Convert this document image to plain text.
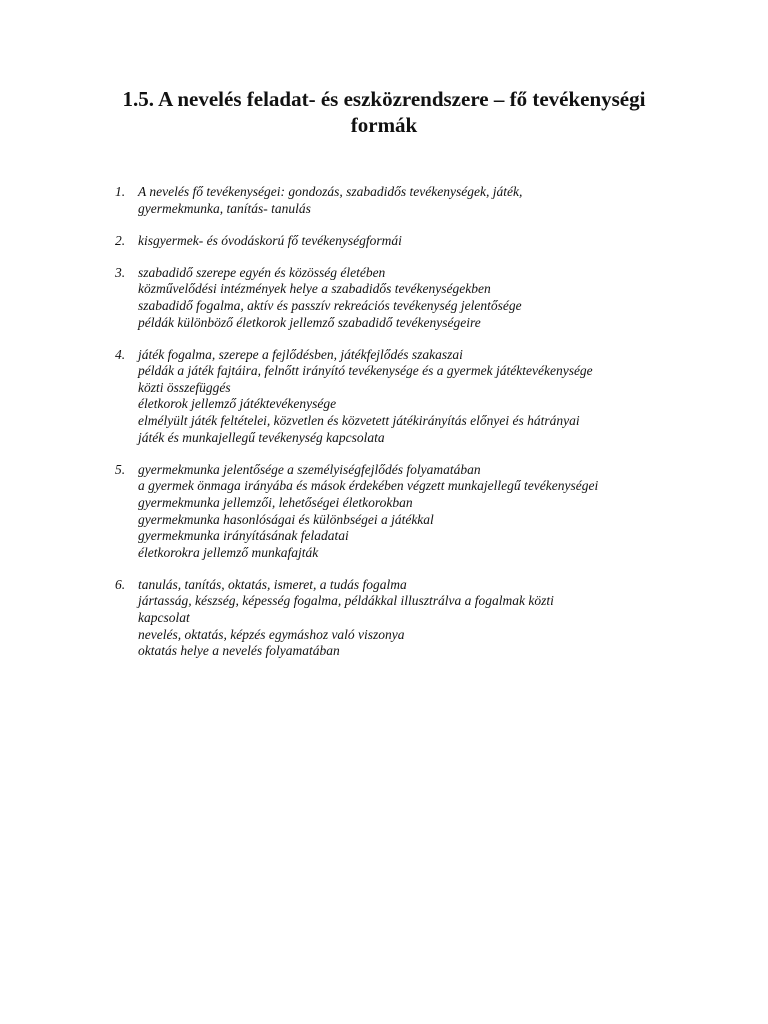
1.5. A nevelés feladat- és eszközrendszere – fő tevékenységi
formák
1. A nevelés fő tevékenységei: gondozás, szabadidős tevékenységek, játék,
gyermekmunka, tanítás- tanulás
2. kisgyermek- és óvodáskorú fő tevékenységformái
3. szabadidő szerepe egyén és közösség életében
közművelődési intézmények helye a szabadidős tevékenységekben
szabadidő fogalma, aktív és passzív rekreációs tevékenység jelentősége
példák különböző életkorok jellemző szabadidő tevékenységeire
4. játék fogalma, szerepe a fejlődésben, játékfejlődés szakaszai
példák a játék fajtáira, felnőtt irányító tevékenysége és a gyermek játéktevékenysége
közti összefüggés
életkorok jellemző játéktevékenysége
elmélyült játék feltételei, közvetlen és közvetett játékirányítás előnyei és hátrányai
játék és munkajellegű tevékenység kapcsolata
5. gyermekmunka jelentősége a személyiségfejlődés folyamatában
a gyermek önmaga irányába és mások érdekében végzett munkajellegű tevékenységei
gyermekmunka jellemzői, lehetőségei életkorokban
gyermekmunka hasonlóságai és különbségei a játékkal
gyermekmunka irányításának feladatai
életkorokra jellemző munkafajták
6. tanulás, tanítás, oktatás, ismeret, a tudás fogalma
jártasság, készség, képesség fogalma, példákkal illusztrálva a fogalmak közti
kapcsolat
nevelés, oktatás, képzés egymáshoz való viszonya
oktatás helye a nevelés folyamatában
